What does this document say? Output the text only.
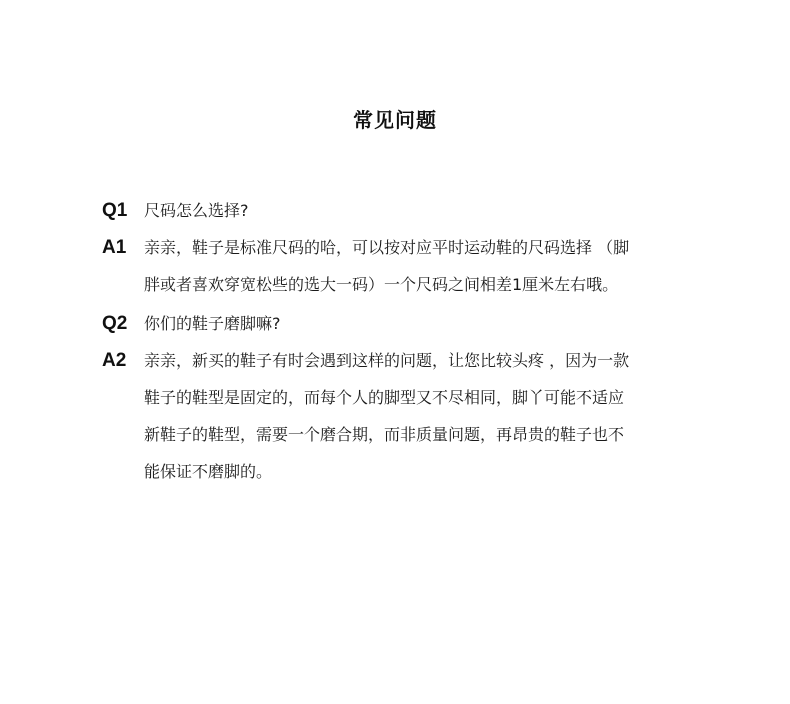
常见问题
Q1	尺码怎么选择?
A1	亲亲，鞋子是标准尺码的哈，可以按对应平时运动鞋的尺码选择 （脚
胖或者喜欢穿宽松些的选大一码）一个尺码之间相差1厘米左右哦。
Q2	你们的鞋子磨脚嘛?
A2	亲亲，新买的鞋子有时会遇到这样的问题，让您比较头疼 ，因为一款
鞋子的鞋型是固定的，而每个人的脚型又不尽相同，脚丫可能不适应
新鞋子的鞋型，需要一个磨合期，而非质量问题，再昂贵的鞋子也不
能保证不磨脚的。
